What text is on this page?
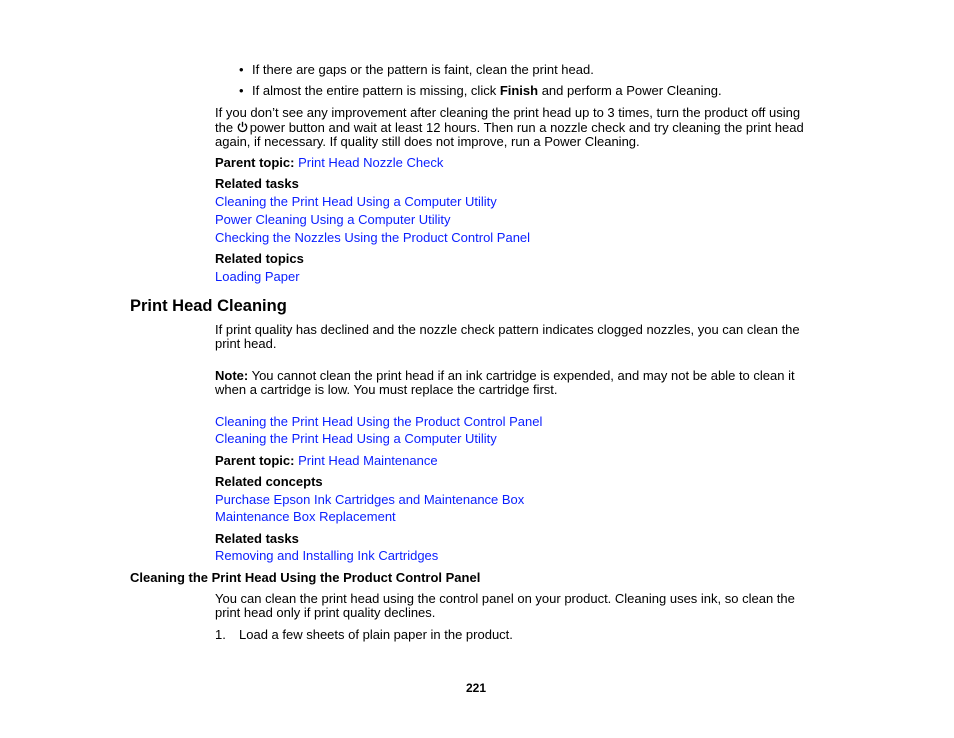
• If there are gaps or the pattern is faint, clean the print head.
• If almost the entire pattern is missing, click Finish and perform a Power Cleaning.
If you don’t see any improvement after cleaning the print head up to 3 times, turn the product off using
the power button and wait at least 12 hours. Then run a nozzle check and try cleaning the print head
again, if necessary. If quality still does not improve, run a Power Cleaning.
Parent topic: Print Head Nozzle Check
Related tasks
Cleaning the Print Head Using a Computer Utility
Power Cleaning Using a Computer Utility
Checking the Nozzles Using the Product Control Panel
Related topics
Loading Paper
Print Head Cleaning
If print quality has declined and the nozzle check pattern indicates clogged nozzles, you can clean the
print head.
Note: You cannot clean the print head if an ink cartridge is expended, and may not be able to clean it
when a cartridge is low. You must replace the cartridge first.
Cleaning the Print Head Using the Product Control Panel
Cleaning the Print Head Using a Computer Utility
Parent topic: Print Head Maintenance
Related concepts
Purchase Epson Ink Cartridges and Maintenance Box
Maintenance Box Replacement
Related tasks
Removing and Installing Ink Cartridges
Cleaning the Print Head Using the Product Control Panel
You can clean the print head using the control panel on your product. Cleaning uses ink, so clean the
print head only if print quality declines.
1. Load a few sheets of plain paper in the product.
221
